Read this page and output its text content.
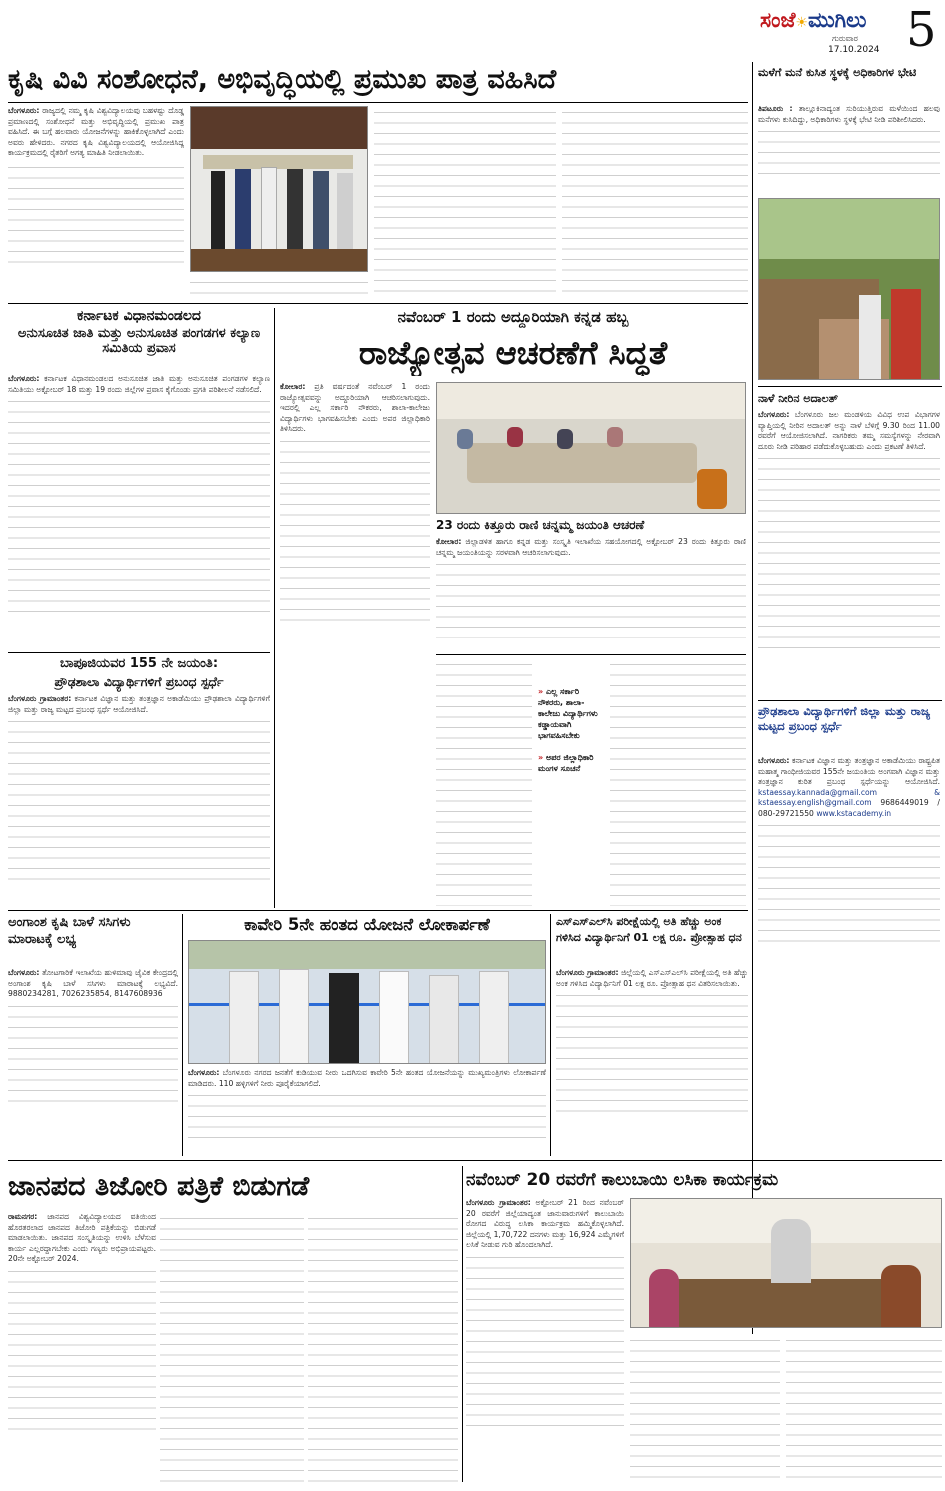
ಸಂಜೆ☀ಮುಗಿಲು
ಗುರುವಾರ
17.10.2024 5
ಕೃಷಿ ವಿವಿ ಸಂಶೋಧನೆ, ಅಭಿವೃದ್ಧಿಯಲ್ಲಿ ಪ್ರಮುಖ ಪಾತ್ರ ವಹಿಸಿದೆ
ಬೆಂಗಳೂರು: ರಾಜ್ಯದಲ್ಲಿ ನಮ್ಮ ಕೃಷಿ ವಿಶ್ವವಿದ್ಯಾಲಯವು ಬಹಳಷ್ಟು ದೊಡ್ಡ ಪ್ರಮಾಣದಲ್ಲಿ ಸಂಶೋಧನೆ ಮತ್ತು ಅಭಿವೃದ್ಧಿಯಲ್ಲಿ ಪ್ರಮುಖ ಪಾತ್ರ ವಹಿಸಿದೆ. ಈ ಬಗ್ಗೆ ಹಲವಾರು ಯೋಜನೆಗಳನ್ನು ಹಾಕಿಕೊಳ್ಳಲಾಗಿದೆ ಎಂದು ಅವರು ಹೇಳಿದರು. ನಗರದ ಕೃಷಿ ವಿಶ್ವವಿದ್ಯಾಲಯದಲ್ಲಿ ಆಯೋಜಿಸಿದ್ದ ಕಾರ್ಯಕ್ರಮದಲ್ಲಿ ರೈತರಿಗೆ ಅಗತ್ಯ ಮಾಹಿತಿ ನೀಡಲಾಯಿತು.
ಮಳೆಗೆ ಮನೆ ಕುಸಿತ ಸ್ಥಳಕ್ಕೆ ಅಧಿಕಾರಿಗಳ ಭೇಟಿ
ತಿಪಟೂರು : ತಾಲ್ಲೂಕಿನಾದ್ಯಂತ ಸುರಿಯುತ್ತಿರುವ ಮಳೆಯಿಂದ ಹಲವು ಮನೆಗಳು ಕುಸಿದಿದ್ದು, ಅಧಿಕಾರಿಗಳು ಸ್ಥಳಕ್ಕೆ ಭೇಟಿ ನೀಡಿ ಪರಿಶೀಲಿಸಿದರು.
ನಾಳೆ ನೀರಿನ ಅದಾಲತ್
ಬೆಂಗಳೂರು: ಬೆಂಗಳೂರು ಜಲ ಮಂಡಳಿಯ ವಿವಿಧ ಉಪ ವಿಭಾಗಗಳ ವ್ಯಾಪ್ತಿಯಲ್ಲಿ ನೀರಿನ ಅದಾಲತ್ ಅನ್ನು ನಾಳೆ ಬೆಳಿಗ್ಗೆ 9.30 ರಿಂದ 11.00 ರವರೆಗೆ ಆಯೋಜಿಸಲಾಗಿದೆ. ನಾಗರಿಕರು ತಮ್ಮ ಸಮಸ್ಯೆಗಳನ್ನು ನೇರವಾಗಿ ದೂರು ನೀಡಿ ಪರಿಹಾರ ಪಡೆದುಕೊಳ್ಳಬಹುದು ಎಂದು ಪ್ರಕಟಣೆ ತಿಳಿಸಿದೆ.
ಪ್ರೌಢಶಾಲಾ ವಿದ್ಯಾರ್ಥಿಗಳಿಗೆ ಜಿಲ್ಲಾ ಮತ್ತು ರಾಜ್ಯ ಮಟ್ಟದ ಪ್ರಬಂಧ ಸ್ಪರ್ಧೆ
ಬೆಂಗಳೂರು: ಕರ್ನಾಟಕ ವಿಜ್ಞಾನ ಮತ್ತು ತಂತ್ರಜ್ಞಾನ ಅಕಾಡೆಮಿಯು ರಾಷ್ಟ್ರಪಿತ ಮಹಾತ್ಮ ಗಾಂಧೀಜಿಯವರ 155ನೇ ಜಯಂತಿಯ ಅಂಗವಾಗಿ ವಿಜ್ಞಾನ ಮತ್ತು ತಂತ್ರಜ್ಞಾನ ಕುರಿತ ಪ್ರಬಂಧ ಸ್ಪರ್ಧೆಯನ್ನು ಆಯೋಜಿಸಿದೆ. kstaessay.kannada@gmail.com & kstaessay.english@gmail.com 9686449019 / 080-29721550 www.kstacademy.in
ಕರ್ನಾಟಕ ವಿಧಾನಮಂಡಲದ
ಅನುಸೂಚಿತ ಜಾತಿ ಮತ್ತು ಅನುಸೂಚಿತ ಪಂಗಡಗಳ ಕಲ್ಯಾಣ ಸಮಿತಿಯ ಪ್ರವಾಸ
ಬೆಂಗಳೂರು: ಕರ್ನಾಟಕ ವಿಧಾನಮಂಡಲದ ಅನುಸೂಚಿತ ಜಾತಿ ಮತ್ತು ಅನುಸೂಚಿತ ಪಂಗಡಗಳ ಕಲ್ಯಾಣ ಸಮಿತಿಯು ಅಕ್ಟೋಬರ್ 18 ಮತ್ತು 19 ರಂದು ಜಿಲ್ಲೆಗಳ ಪ್ರವಾಸ ಕೈಗೊಂಡು ಪ್ರಗತಿ ಪರಿಶೀಲನೆ ನಡೆಸಲಿದೆ.
ನವೆಂಬರ್ 1 ರಂದು ಅದ್ದೂರಿಯಾಗಿ ಕನ್ನಡ ಹಬ್ಬ
ರಾಜ್ಯೋತ್ಸವ ಆಚರಣೆಗೆ ಸಿದ್ಧತೆ
ಕೋಲಾರ: ಪ್ರತಿ ವರ್ಷದಂತೆ ನವೆಂಬರ್ 1 ರಂದು ರಾಜ್ಯೋತ್ಸವವನ್ನು ಅದ್ದೂರಿಯಾಗಿ ಆಚರಿಸಲಾಗುವುದು. ಇದರಲ್ಲಿ ಎಲ್ಲ ಸರ್ಕಾರಿ ನೌಕರರು, ಶಾಲಾ-ಕಾಲೇಜು ವಿದ್ಯಾರ್ಥಿಗಳು ಭಾಗವಹಿಸಬೇಕು ಎಂದು ಅಪರ ಜಿಲ್ಲಾಧಿಕಾರಿ ತಿಳಿಸಿದರು.
23 ರಂದು ಕಿತ್ತೂರು ರಾಣಿ ಚನ್ನಮ್ಮ ಜಯಂತಿ ಆಚರಣೆ
ಕೋಲಾರ: ಜಿಲ್ಲಾಡಳಿತ ಹಾಗೂ ಕನ್ನಡ ಮತ್ತು ಸಂಸ್ಕೃತಿ ಇಲಾಖೆಯ ಸಹಯೋಗದಲ್ಲಿ ಅಕ್ಟೋಬರ್ 23 ರಂದು ಕಿತ್ತೂರು ರಾಣಿ ಚನ್ನಮ್ಮ ಜಯಂತಿಯನ್ನು ಸರಳವಾಗಿ ಆಚರಿಸಲಾಗುವುದು.
» ಎಲ್ಲ ಸರ್ಕಾರಿ ನೌಕರರು, ಶಾಲಾ-ಕಾಲೇಜು ವಿದ್ಯಾರ್ಥಿಗಳು ಕಡ್ಡಾಯವಾಗಿ ಭಾಗವಹಿಸಬೇಕು

» ಅಪರ ಜಿಲ್ಲಾಧಿಕಾರಿ ಮಂಗಳ ಸೂಚನೆ
ಬಾಪೂಜಿಯವರ 155 ನೇ ಜಯಂತಿ:
ಪ್ರೌಢಶಾಲಾ ವಿದ್ಯಾರ್ಥಿಗಳಿಗೆ ಪ್ರಬಂಧ ಸ್ಪರ್ಧೆ
ಬೆಂಗಳೂರು ಗ್ರಾಮಾಂತರ: ಕರ್ನಾಟಕ ವಿಜ್ಞಾನ ಮತ್ತು ತಂತ್ರಜ್ಞಾನ ಅಕಾಡೆಮಿಯು ಪ್ರೌಢಶಾಲಾ ವಿದ್ಯಾರ್ಥಿಗಳಿಗೆ ಜಿಲ್ಲಾ ಮತ್ತು ರಾಜ್ಯ ಮಟ್ಟದ ಪ್ರಬಂಧ ಸ್ಪರ್ಧೆ ಆಯೋಜಿಸಿದೆ.
ಅಂಗಾಂಶ ಕೃಷಿ ಬಾಳೆ ಸಸಿಗಳು ಮಾರಾಟಕ್ಕೆ ಲಭ್ಯ
ಬೆಂಗಳೂರು: ತೋಟಗಾರಿಕೆ ಇಲಾಖೆಯ ಹುಳಿಮಾವು ಜೈವಿಕ ಕೇಂದ್ರದಲ್ಲಿ ಅಂಗಾಂಶ ಕೃಷಿ ಬಾಳೆ ಸಸಿಗಳು ಮಾರಾಟಕ್ಕೆ ಲಭ್ಯವಿದೆ. 9880234281, 7026235854, 8147608936
ಕಾವೇರಿ 5ನೇ ಹಂತದ ಯೋಜನೆ ಲೋಕಾರ್ಪಣೆ
ಬೆಂಗಳೂರು: ಬೆಂಗಳೂರು ನಗರದ ಜನತೆಗೆ ಕುಡಿಯುವ ನೀರು ಒದಗಿಸುವ ಕಾವೇರಿ 5ನೇ ಹಂತದ ಯೋಜನೆಯನ್ನು ಮುಖ್ಯಮಂತ್ರಿಗಳು ಲೋಕಾರ್ಪಣೆ ಮಾಡಿದರು. 110 ಹಳ್ಳಿಗಳಿಗೆ ನೀರು ಪೂರೈಕೆಯಾಗಲಿದೆ.
ಎಸ್ಎಸ್ಎಲ್‌ಸಿ ಪರೀಕ್ಷೆಯಲ್ಲಿ ಅತಿ ಹೆಚ್ಚು ಅಂಕ ಗಳಿಸಿದ ವಿದ್ಯಾರ್ಥಿನಿಗೆ 01 ಲಕ್ಷ ರೂ. ಪ್ರೋತ್ಸಾಹ ಧನ
ಬೆಂಗಳೂರು ಗ್ರಾಮಾಂತರ: ಜಿಲ್ಲೆಯಲ್ಲಿ ಎಸ್ಎಸ್ಎಲ್‌ಸಿ ಪರೀಕ್ಷೆಯಲ್ಲಿ ಅತಿ ಹೆಚ್ಚು ಅಂಕ ಗಳಿಸಿದ ವಿದ್ಯಾರ್ಥಿನಿಗೆ 01 ಲಕ್ಷ ರೂ. ಪ್ರೋತ್ಸಾಹ ಧನ ವಿತರಿಸಲಾಯಿತು.
ಜಾನಪದ ತಿಜೋರಿ ಪತ್ರಿಕೆ ಬಿಡುಗಡೆ
ರಾಮನಗರ: ಜಾನಪದ ವಿಶ್ವವಿದ್ಯಾಲಯದ ವತಿಯಿಂದ ಹೊರತರಲಾದ ಜಾನಪದ ತಿಜೋರಿ ಪತ್ರಿಕೆಯನ್ನು ಬಿಡುಗಡೆ ಮಾಡಲಾಯಿತು. ಜಾನಪದ ಸಂಸ್ಕೃತಿಯನ್ನು ಉಳಿಸಿ ಬೆಳೆಸುವ ಕಾರ್ಯ ಎಲ್ಲರದ್ದಾಗಬೇಕು ಎಂದು ಗಣ್ಯರು ಅಭಿಪ್ರಾಯಪಟ್ಟರು. 20ನೇ ಅಕ್ಟೋಬರ್ 2024.
ನವೆಂಬರ್ 20 ರವರೆಗೆ ಕಾಲುಬಾಯಿ ಲಸಿಕಾ ಕಾರ್ಯಕ್ರಮ
ಬೆಂಗಳೂರು ಗ್ರಾಮಾಂತರ: ಅಕ್ಟೋಬರ್ 21 ರಿಂದ ನವೆಂಬರ್ 20 ರವರೆಗೆ ಜಿಲ್ಲೆಯಾದ್ಯಂತ ಜಾನುವಾರುಗಳಿಗೆ ಕಾಲುಬಾಯಿ ರೋಗದ ವಿರುದ್ಧ ಲಸಿಕಾ ಕಾರ್ಯಕ್ರಮ ಹಮ್ಮಿಕೊಳ್ಳಲಾಗಿದೆ. ಜಿಲ್ಲೆಯಲ್ಲಿ 1,70,722 ದನಗಳು ಮತ್ತು 16,924 ಎಮ್ಮೆಗಳಿಗೆ ಲಸಿಕೆ ನೀಡುವ ಗುರಿ ಹೊಂದಲಾಗಿದೆ.
